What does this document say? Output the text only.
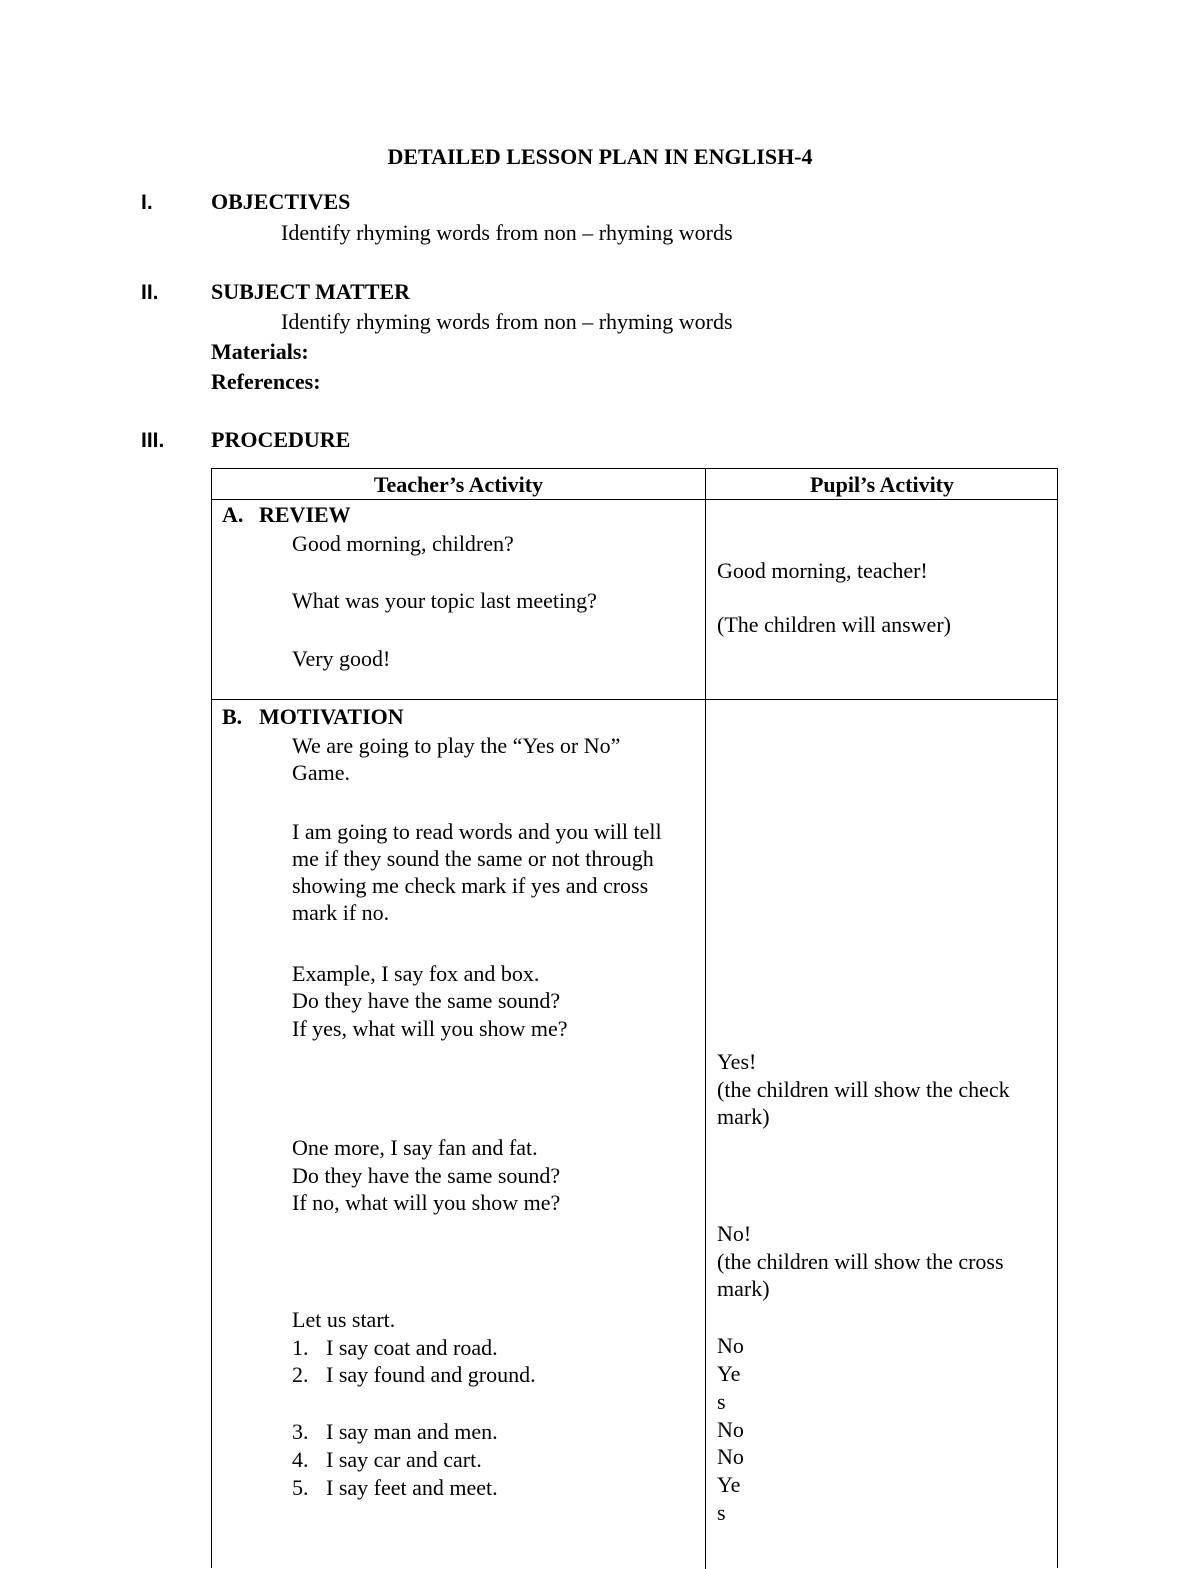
DETAILED LESSON PLAN IN ENGLISH-4
I.	OBJECTIVES
Identify rhyming words from non – rhyming words
II. SUBJECT MATTER
Identify rhyming words from non – rhyming words
Materials:
References:
III. PROCEDURE
Teacher’s Activity	Pupil’s Activity
A. REVIEW
Good morning, children?
What was your topic last meeting?
Very good!
Good morning, teacher!
(The children will answer)
B. MOTIVATION
We are going to play the “Yes or No”
Game.
I am going to read words and you will tell
me if they sound the same or not through
showing me check mark if yes and cross
mark if no.
Example, I say fox and box.
Do they have the same sound?
If yes, what will you show me?
Yes!
(the children will show the check
mark)
One more, I say fan and fat.
Do they have the same sound?
If no, what will you show me?
No!
(the children will show the cross
mark)
Let us start.
1. I say coat and road.
2. I say found and ground.
3. I say man and men.
4. I say car and cart.
5. I say feet and meet.
No
Ye
s
No
No
Ye
s
